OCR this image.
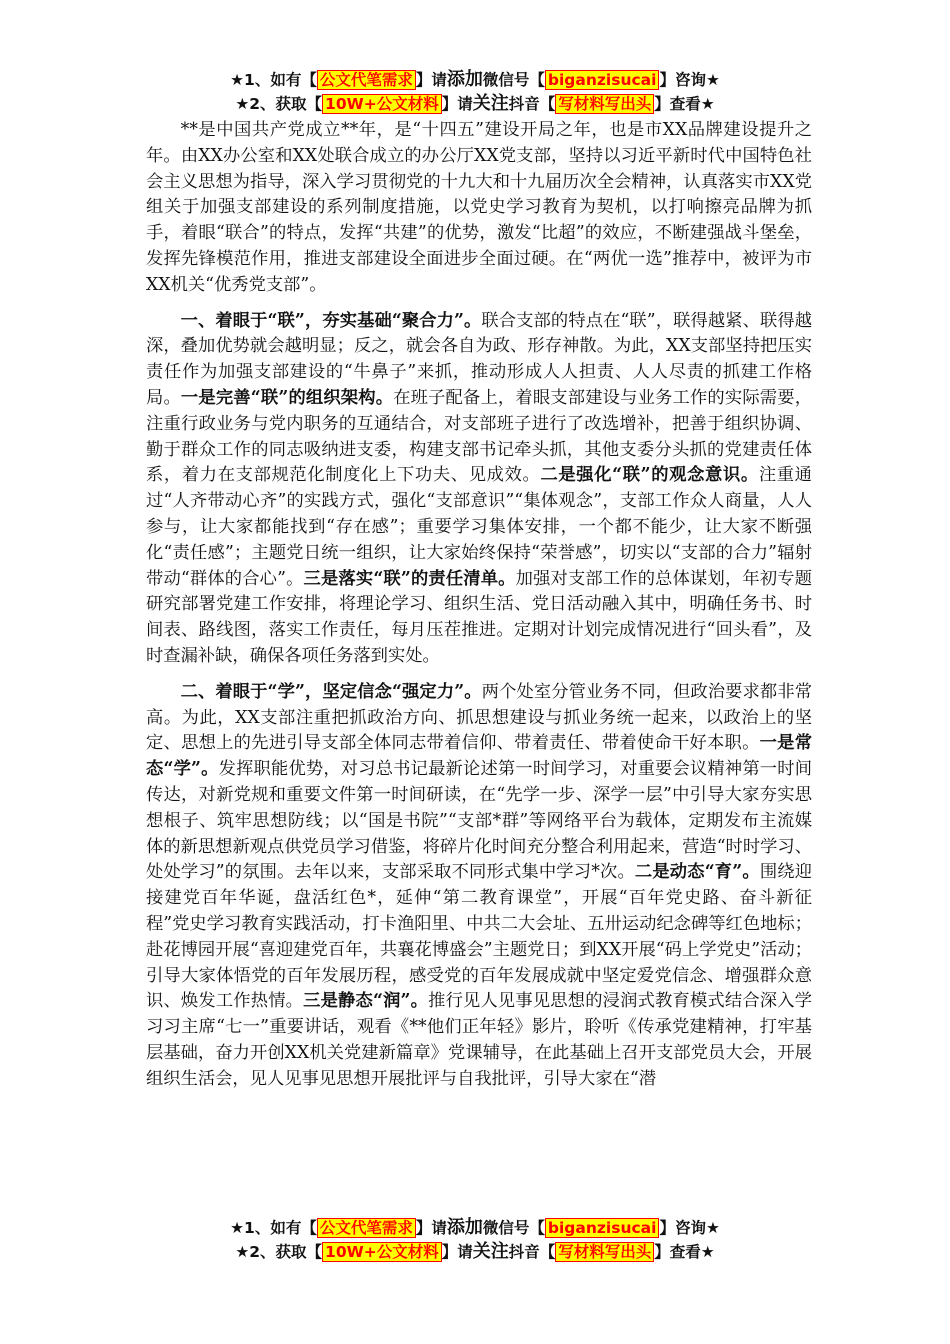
★1、如有【 公文代笔需求 】请添加微信号【 biganzisucai 】咨询★
★2、获取【 10W+公文材料 】请关注抖音【 写材料写出头 】查看★

**是中国共产党成立**年，是“十四五”建设开局之年，也是市XX品牌建设提升之年。由XX办公室和XX处联合成立的办公厅XX党支部，坚持以习近平新时代中国特色社会主义思想为指导，深入学习贯彻党的十九大和十九届历次全会精神，认真落实市XX党组关于加强支部建设的系列制度措施，以党史学习教育为契机，以打响擦亮品牌为抓手，着眼“联合”的特点，发挥“共建”的优势，激发“比超”的效应，不断建强战斗堡垒，发挥先锋模范作用，推进支部建设全面进步全面过硬。在“两优一选”推荐中，被评为市XX机关“优秀党支部”。

一、着眼于“联”，夯实基础“聚合力”。联合支部的特点在“联”，联得越紧、联得越深，叠加优势就会越明显；反之，就会各自为政、形存神散。为此，XX支部坚持把压实责任作为加强支部建设的“牛鼻子”来抓，推动形成人人担责、人人尽责的抓建工作格局。一是完善“联”的组织架构。在班子配备上，着眼支部建设与业务工作的实际需要，注重行政业务与党内职务的互通结合，对支部班子进行了改选增补，把善于组织协调、勤于群众工作的同志吸纳进支委，构建支部书记牵头抓，其他支委分头抓的党建责任体系，着力在支部规范化制度化上下功夫、见成效。二是强化“联”的观念意识。注重通过“人齐带动心齐”的实践方式，强化“支部意识”“集体观念”，支部工作众人商量，人人参与，让大家都能找到“存在感”；重要学习集体安排，一个都不能少，让大家不断强化“责任感”；主题党日统一组织，让大家始终保持“荣誉感”，切实以“支部的合力”辐射带动“群体的合心”。三是落实“联”的责任清单。加强对支部工作的总体谋划，年初专题研究部署党建工作安排，将理论学习、组织生活、党日活动融入其中，明确任务书、时间表、路线图，落实工作责任，每月压茬推进。定期对计划完成情况进行“回头看”，及时查漏补缺，确保各项任务落到实处。

二、着眼于“学”，坚定信念“强定力”。两个处室分管业务不同，但政治要求都非常高。为此，XX支部注重把抓政治方向、抓思想建设与抓业务统一起来，以政治上的坚定、思想上的先进引导支部全体同志带着信仰、带着责任、带着使命干好本职。一是常态“学”。发挥职能优势，对习总书记最新论述第一时间学习，对重要会议精神第一时间传达，对新党规和重要文件第一时间研读，在“先学一步、深学一层”中引导大家夯实思想根子、筑牢思想防线；以“国是书院”“支部*群”等网络平台为载体，定期发布主流媒体的新思想新观点供党员学习借鉴，将碎片化时间充分整合利用起来，营造“时时学习、处处学习”的氛围。去年以来，支部采取不同形式集中学习*次。二是动态“育”。围绕迎接建党百年华诞，盘活红色*，延伸“第二教育课堂”，开展“百年党史路、奋斗新征程”党史学习教育实践活动，打卡渔阳里、中共二大会址、五卅运动纪念碑等红色地标；赴花博园开展“喜迎建党百年，共襄花博盛会”主题党日；到XX开展“码上学党史”活动；引导大家体悟党的百年发展历程，感受党的百年发展成就中坚定爱党信念、增强群众意识、焕发工作热情。三是静态“润”。推行见人见事见思想的浸润式教育模式结合深入学习习主席“七一”重要讲话，观看《**他们正年轻》影片，聆听《传承党建精神，打牢基层基础，奋力开创XX机关党建新篇章》党课辅导，在此基础上召开支部党员大会，开展组织生活会，见人见事见思想开展批评与自我批评，引导大家在“潜

★1、如有【 公文代笔需求 】请添加微信号【 biganzisucai 】咨询★
★2、获取【 10W+公文材料 】请关注抖音【 写材料写出头 】查看★
